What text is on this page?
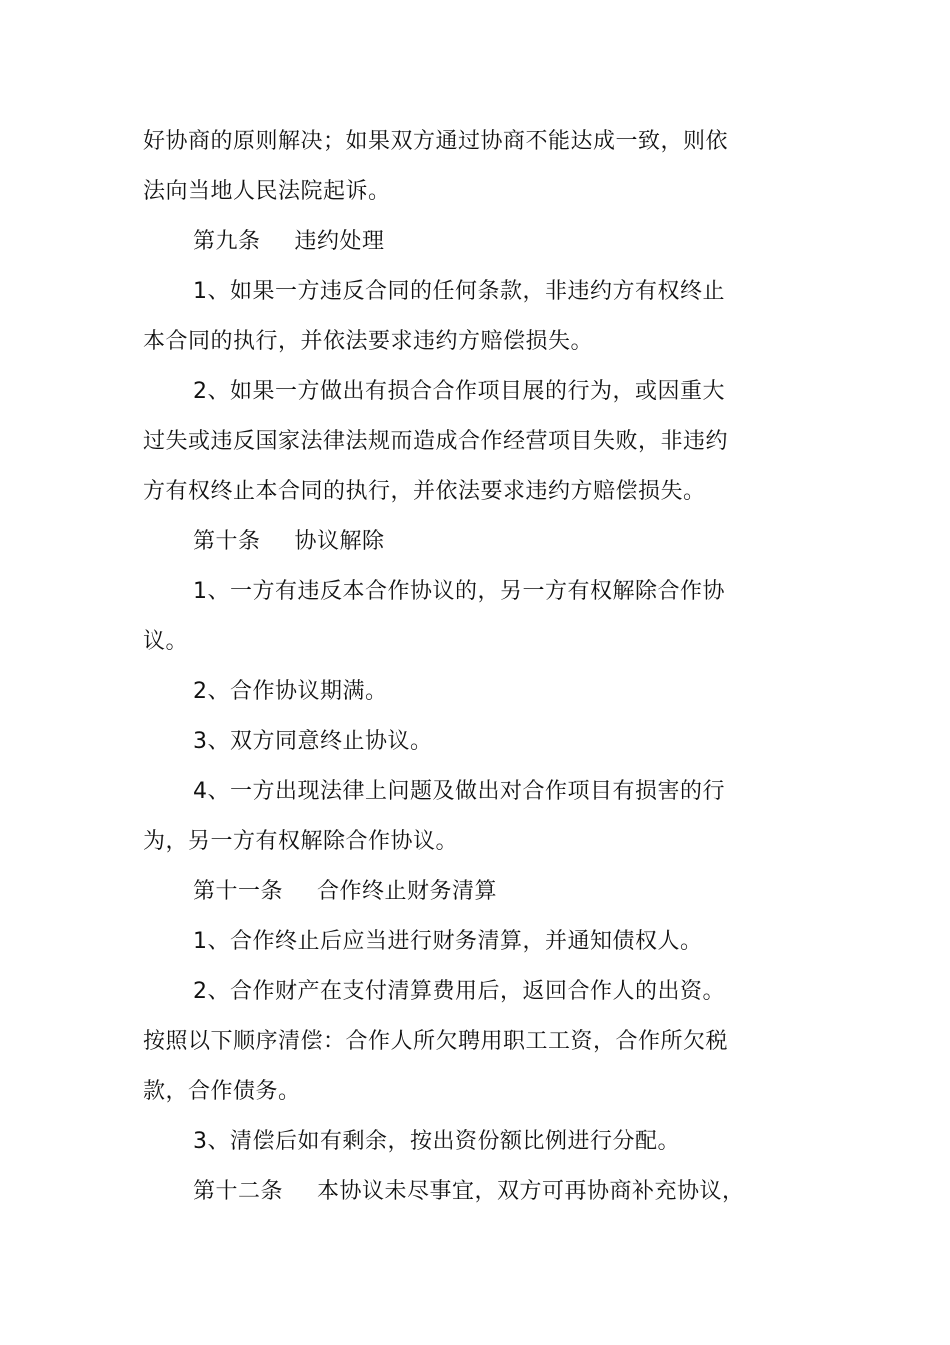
好协商的原则解决；如果双方通过协商不能达成一致，则依
法向当地人民法院起诉。
第九条 违约处理
1、如果一方违反合同的任何条款，非违约方有权终止
本合同的执行，并依法要求违约方赔偿损失。
2、如果一方做出有损合合作项目展的行为，或因重大
过失或违反国家法律法规而造成合作经营项目失败，非违约
方有权终止本合同的执行，并依法要求违约方赔偿损失。
第十条 协议解除
1、一方有违反本合作协议的，另一方有权解除合作协
议。
2、合作协议期满。
3、双方同意终止协议。
4、一方出现法律上问题及做出对合作项目有损害的行
为，另一方有权解除合作协议。
第十一条 合作终止财务清算
1、合作终止后应当进行财务清算，并通知债权人。
2、合作财产在支付清算费用后，返回合作人的出资。
按照以下顺序清偿：合作人所欠聘用职工工资，合作所欠税
款，合作债务。
3、清偿后如有剩余，按出资份额比例进行分配。
第十二条 本协议未尽事宜，双方可再协商补充协议，
